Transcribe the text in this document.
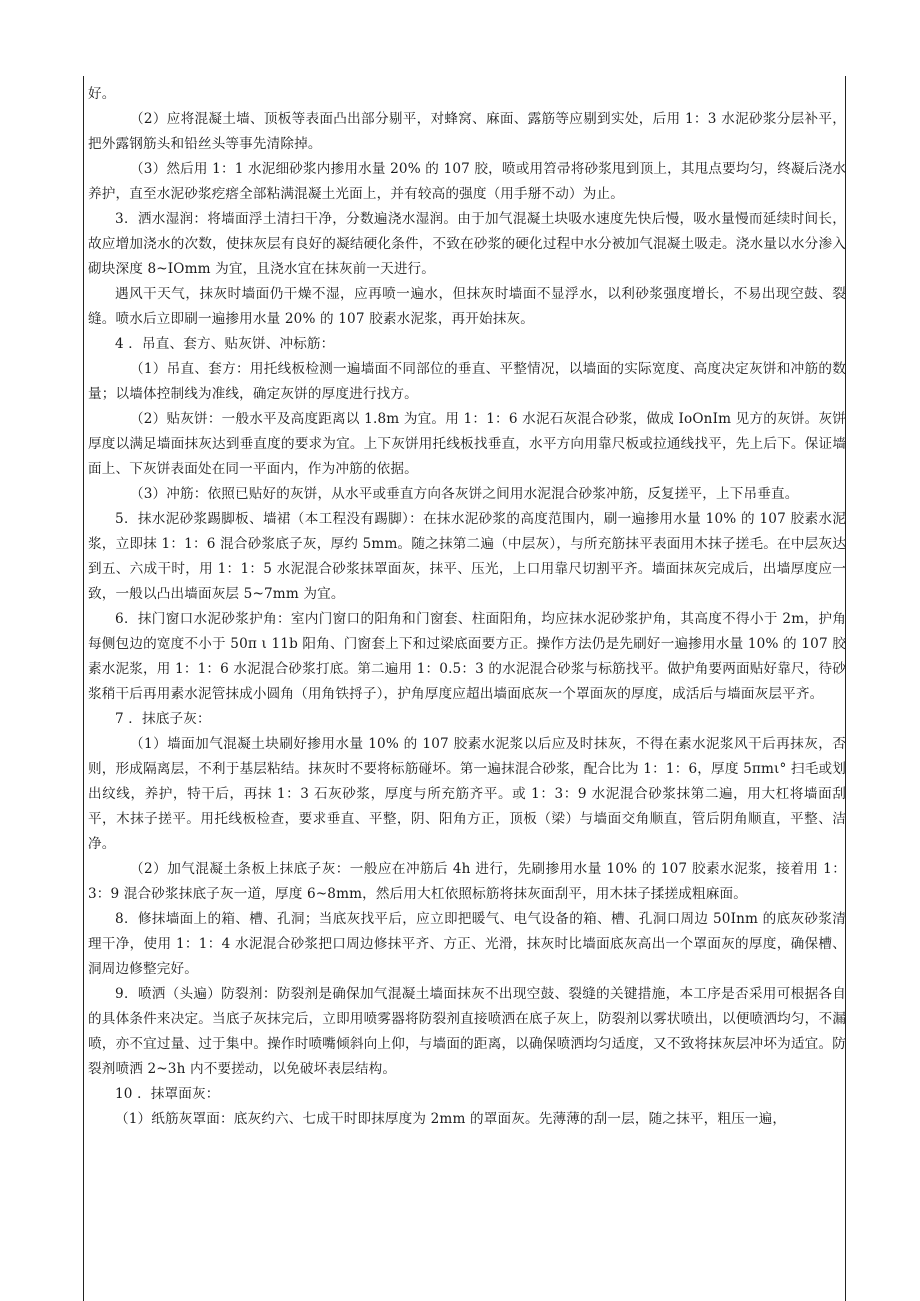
好。

（2）应将混凝土墙、顶板等表面凸出部分剔平，对蜂窝、麻面、露筋等应剔到实处，后用 1：3 水泥砂浆分层补平，把外露钢筋头和铅丝头等事先清除掉。

（3）然后用 1：1 水泥细砂浆内掺用水量 20% 的 107 胶，喷或用笤帚将砂浆甩到顶上，其甩点要均匀，终凝后浇水养护，直至水泥砂浆疙瘩全部粘满混凝土光面上，并有较高的强度（用手掰不动）为止。

3．洒水湿润：将墙面浮土清扫干净，分数遍浇水湿润。由于加气混凝土块吸水速度先快后慢，吸水量慢而延续时间长，故应增加浇水的次数，使抹灰层有良好的凝结硬化条件，不致在砂浆的硬化过程中水分被加气混凝土吸走。浇水量以水分渗入砌块深度 8~IOmm 为宜，且浇水宜在抹灰前一天进行。

遇风干天气，抹灰时墙面仍干燥不湿，应再喷一遍水，但抹灰时墙面不显浮水，以利砂浆强度增长，不易出现空鼓、裂缝。喷水后立即刷一遍掺用水量 20% 的 107 胶素水泥浆，再开始抹灰。

4 ．吊直、套方、贴灰饼、冲标筋：

（1）吊直、套方：用托线板检测一遍墙面不同部位的垂直、平整情况，以墙面的实际宽度、高度决定灰饼和冲筋的数量；以墙体控制线为准线，确定灰饼的厚度进行找方。

（2）贴灰饼：一般水平及高度距离以 1.8m 为宜。用 1：1：6 水泥石灰混合砂浆，做成 IoOnIm 见方的灰饼。灰饼厚度以满足墙面抹灰达到垂直度的要求为宜。上下灰饼用托线板找垂直，水平方向用靠尺板或拉通线找平，先上后下。保证墙面上、下灰饼表面处在同一平面内，作为冲筋的依据。

（3）冲筋：依照已贴好的灰饼，从水平或垂直方向各灰饼之间用水泥混合砂浆冲筋，反复搓平，上下吊垂直。

5．抹水泥砂浆踢脚板、墙裙（本工程没有踢脚）：在抹水泥砂浆的高度范围内，刷一遍掺用水量 10% 的 107 胶素水泥浆，立即抹 1：1：6 混合砂浆底子灰，厚约 5mm。随之抹第二遍（中层灰），与所充筋抹平表面用木抹子搓毛。在中层灰达到五、六成干时，用 1：1：5 水泥混合砂浆抹罩面灰，抹平、压光，上口用靠尺切割平齐。墙面抹灰完成后，出墙厚度应一致，一般以凸出墙面灰层 5~7mm 为宜。

6．抹门窗口水泥砂浆护角：室内门窗口的阳角和门窗套、柱面阳角，均应抹水泥砂浆护角，其高度不得小于 2m，护角每侧包边的宽度不小于 50π ι 11b 阳角、门窗套上下和过梁底面要方正。操作方法仍是先刷好一遍掺用水量 10% 的 107 胶素水泥浆，用 1：1：6 水泥混合砂浆打底。第二遍用 1：0.5：3 的水泥混合砂浆与标筋找平。做护角要两面贴好靠尺，待砂浆稍干后再用素水泥管抹成小圆角（用角铁捋子），护角厚度应超出墙面底灰一个罩面灰的厚度，成活后与墙面灰层平齐。

7 ．抹底子灰：

（1）墙面加气混凝土块刷好掺用水量 10% 的 107 胶素水泥浆以后应及时抹灰，不得在素水泥浆风干后再抹灰，否则，形成隔离层，不利于基层粘结。抹灰时不要将标筋碰坏。第一遍抹混合砂浆，配合比为 1：1：6，厚度 5πmι° 扫毛或划出纹线，养护，特干后，再抹 1：3 石灰砂浆，厚度与所充筋齐平。或 1：3：9 水泥混合砂浆抹第二遍，用大杠将墙面刮平，木抹子搓平。用托线板检查，要求垂直、平整，阴、阳角方正，顶板（梁）与墙面交角顺直，管后阴角顺直，平整、洁净。

（2）加气混凝土条板上抹底子灰：一般应在冲筋后 4h 进行，先刷掺用水量 10% 的 107 胶素水泥浆，接着用 1：3：9 混合砂浆抹底子灰一道，厚度 6~8mm，然后用大杠依照标筋将抹灰面刮平，用木抹子揉搓成粗麻面。

8．修抹墙面上的箱、槽、孔洞；当底灰找平后，应立即把暖气、电气设备的箱、槽、孔洞口周边 50Inm 的底灰砂浆清理干净，使用 1：1：4 水泥混合砂浆把口周边修抹平齐、方正、光滑，抹灰时比墙面底灰高出一个罩面灰的厚度，确保槽、洞周边修整完好。

9．喷洒（头遍）防裂剂：防裂剂是确保加气混凝土墙面抹灰不出现空鼓、裂缝的关键措施，本工序是否采用可根据各自的具体条件来决定。当底子灰抹完后，立即用喷雾器将防裂剂直接喷洒在底子灰上，防裂剂以雾状喷出，以便喷洒均匀，不漏喷，亦不宜过量、过于集中。操作时喷嘴倾斜向上仰，与墙面的距离，以确保喷洒均匀适度，又不致将抹灰层冲坏为适宜。防裂剂喷洒 2~3h 内不要搓动，以免破坏表层结构。

10 ．抹罩面灰：

（1）纸筋灰罩面：底灰约六、七成干时即抹厚度为 2mm 的罩面灰。先薄薄的刮一层，随之抹平，粗压一遍，
